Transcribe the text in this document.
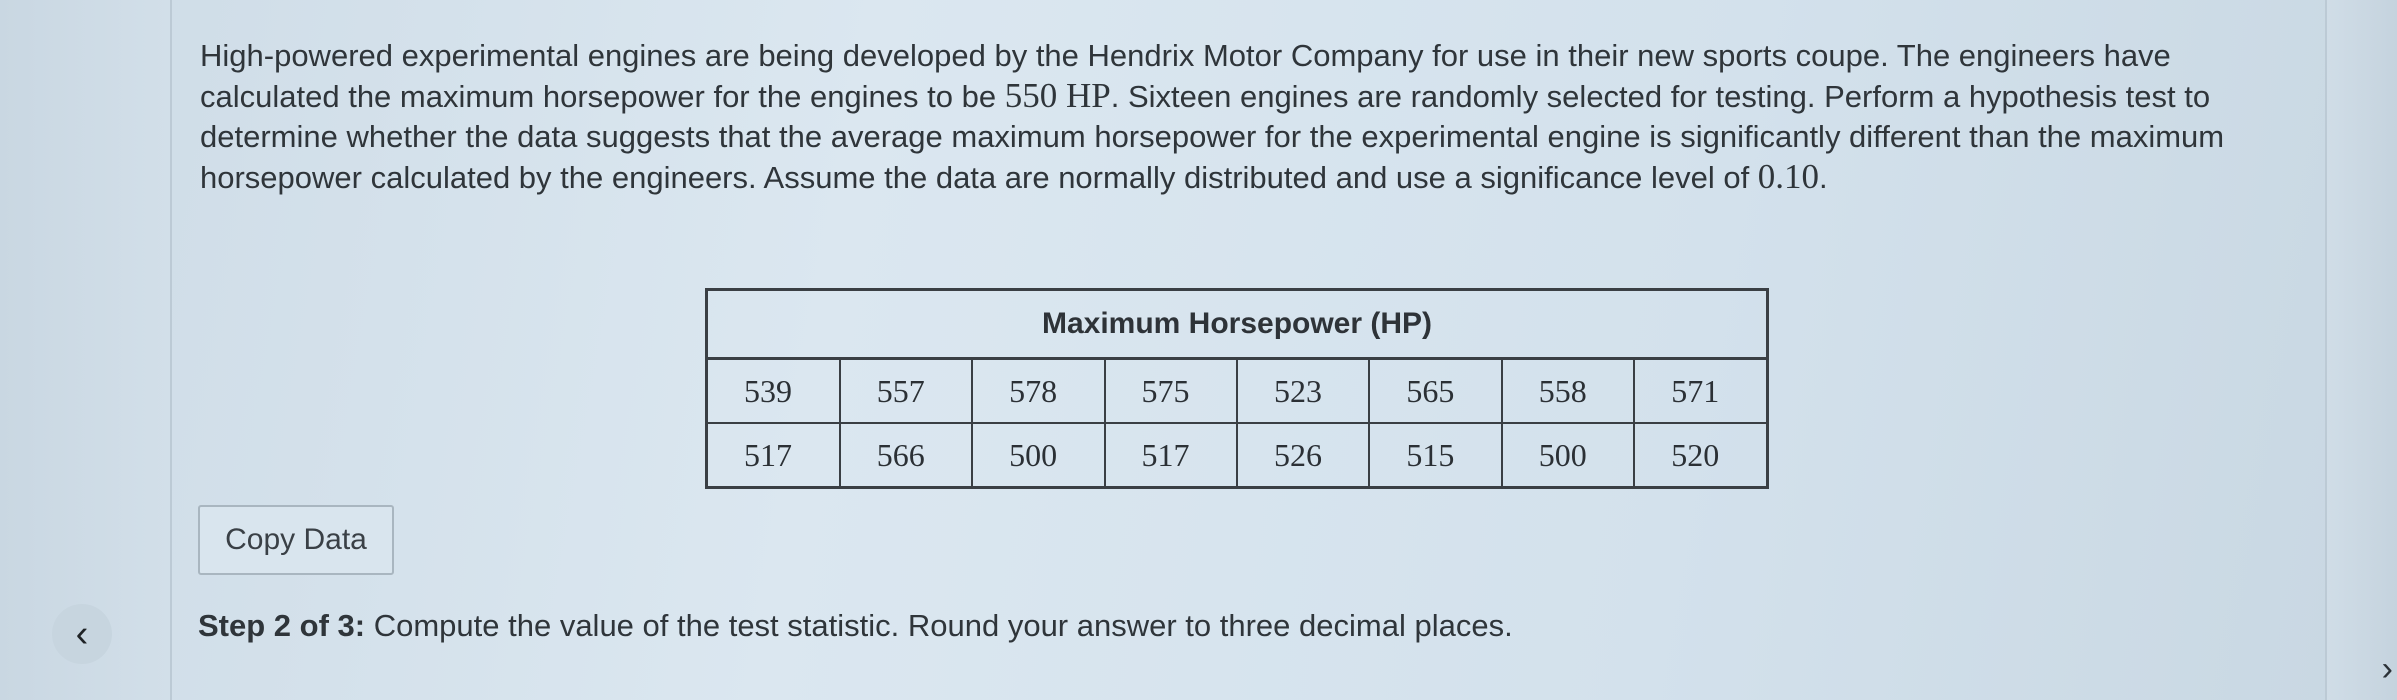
‹
›
High-powered experimental engines are being developed by the Hendrix Motor Company for use in their new sports coupe. The engineers have calculated the maximum horsepower for the engines to be 550 HP. Sixteen engines are randomly selected for testing. Perform a hypothesis test to determine whether the data suggests that the average maximum horsepower for the experimental engine is significantly different than the maximum horsepower calculated by the engineers. Assume the data are normally distributed and use a significance level of 0.10.
Maximum Horsepower (HP)							
539	557	578	575	523	565	558	571
517	566	500	517	526	515	500	520
Copy Data
Step 2 of 3: Compute the value of the test statistic. Round your answer to three decimal places.
